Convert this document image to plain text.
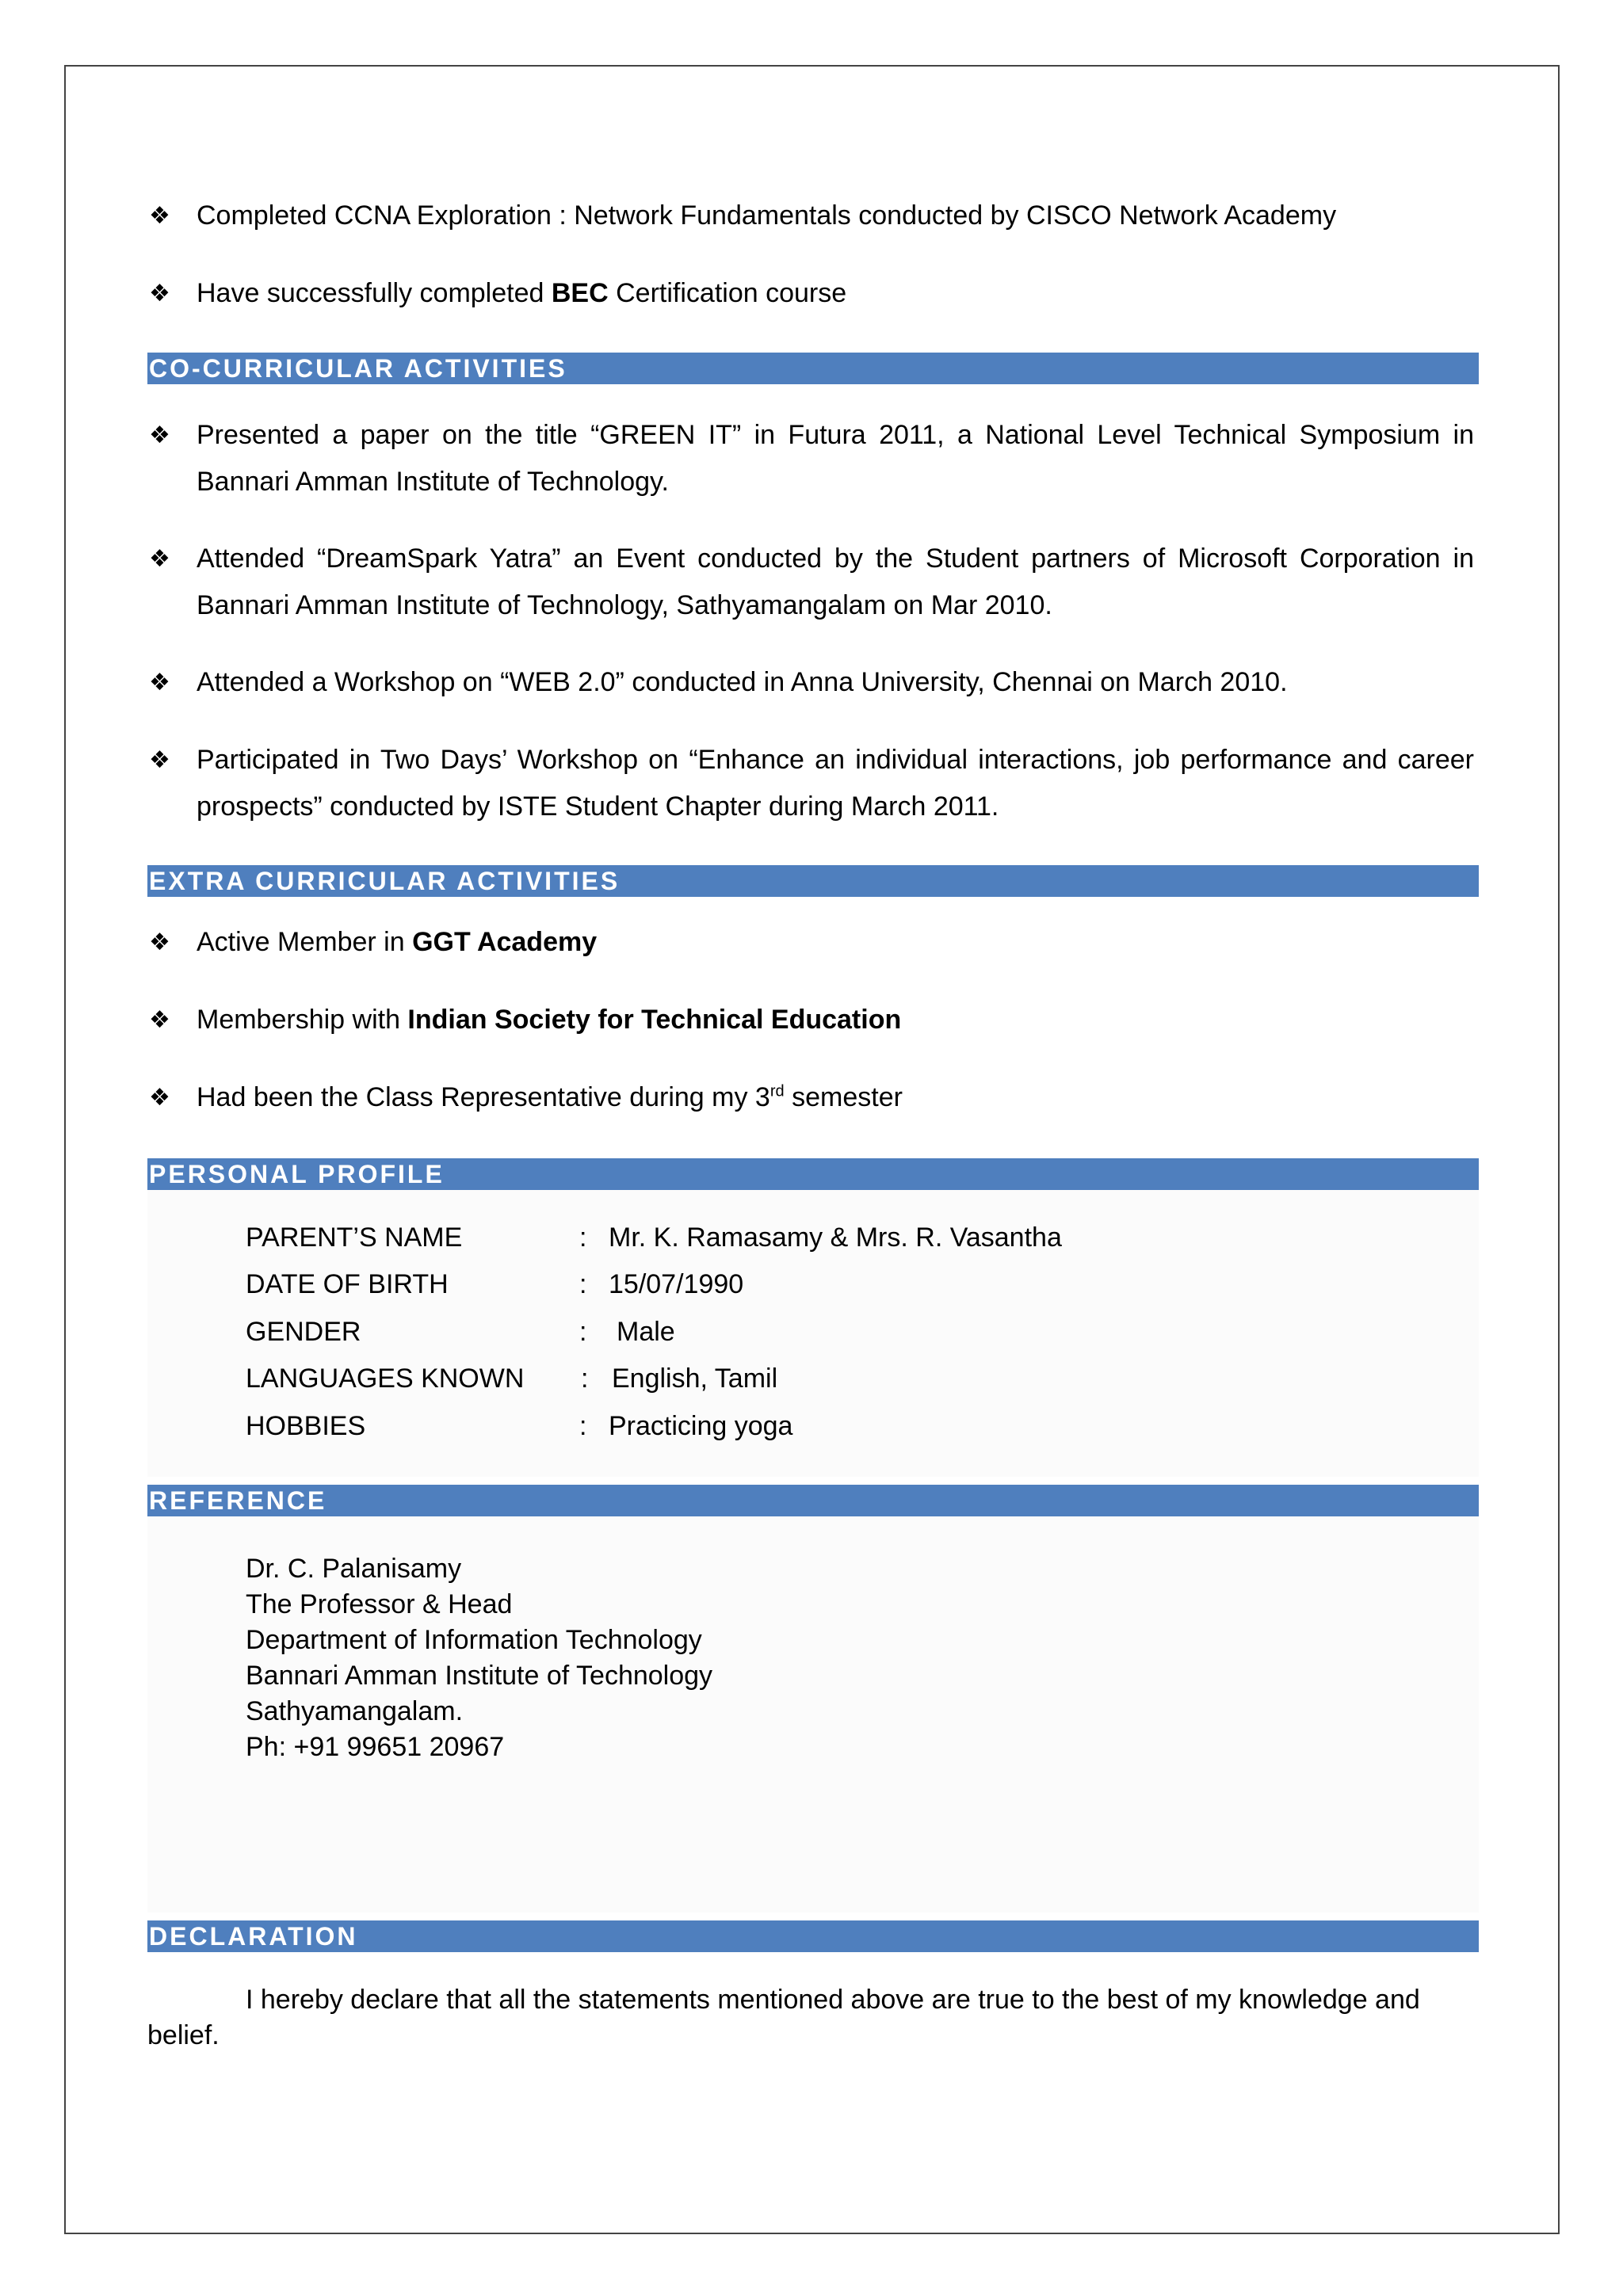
❖ Completed CCNA Exploration : Network Fundamentals conducted by CISCO Network Academy
❖ Have successfully completed BEC Certification course
CO-CURRICULAR ACTIVITIES
❖ Presented a paper on the title “GREEN IT” in Futura 2011, a National Level Technical Symposium in Bannari Amman Institute of Technology.
❖ Attended “DreamSpark Yatra” an Event conducted by the Student partners of Microsoft Corporation in Bannari Amman Institute of Technology, Sathyamangalam on Mar 2010.
❖ Attended a Workshop on “WEB 2.0” conducted in Anna University, Chennai on March 2010.
❖ Participated in Two Days’ Workshop on “Enhance an individual interactions, job performance and career prospects” conducted by ISTE Student Chapter during March 2011.
EXTRA CURRICULAR ACTIVITIES
❖ Active Member in GGT Academy
❖ Membership with Indian Society for Technical Education
❖ Had been the Class Representative during my 3rd semester
PERSONAL PROFILE
PARENT’S NAME	: Mr. K. Ramasamy & Mrs. R. Vasantha
DATE OF BIRTH	: 15/07/1990
GENDER	: Male
LANGUAGES KNOWN : English, Tamil
HOBBIES	: Practicing yoga
REFERENCE
Dr. C. Palanisamy
The Professor & Head
Department of Information Technology
Bannari Amman Institute of Technology
Sathyamangalam.
Ph: +91 99651 20967
DECLARATION
I hereby declare that all the statements mentioned above are true to the best of my knowledge and belief.
